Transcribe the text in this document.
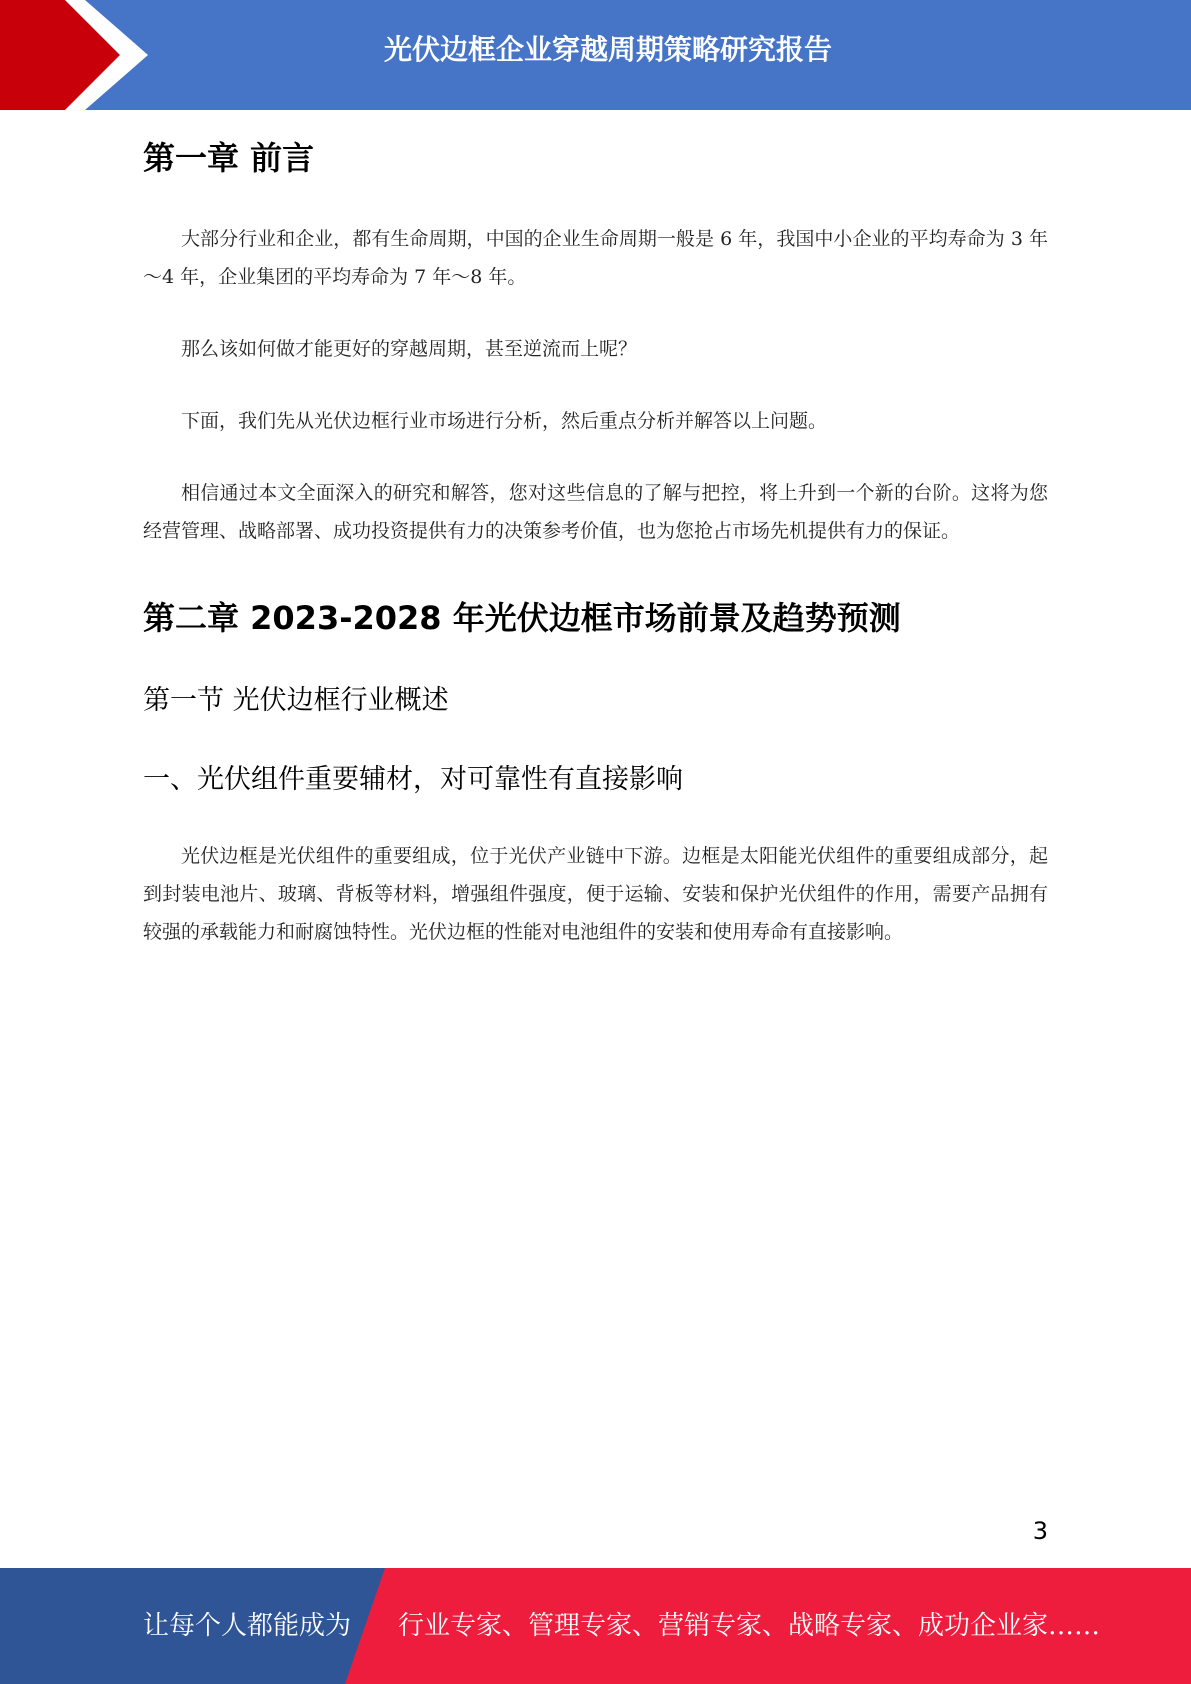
光伏边框企业穿越周期策略研究报告
第一章 前言

大部分行业和企业，都有生命周期，中国的企业生命周期一般是 6 年，我国中小企业的平均寿命为 3 年～4 年，企业集团的平均寿命为 7 年～8 年。

那么该如何做才能更好的穿越周期，甚至逆流而上呢？

下面，我们先从光伏边框行业市场进行分析，然后重点分析并解答以上问题。

相信通过本文全面深入的研究和解答，您对这些信息的了解与把控，将上升到一个新的台阶。这将为您经营管理、战略部署、成功投资提供有力的决策参考价值，也为您抢占市场先机提供有力的保证。

第二章 2023-2028 年光伏边框市场前景及趋势预测
第一节 光伏边框行业概述
一、光伏组件重要辅材，对可靠性有直接影响

光伏边框是光伏组件的重要组成，位于光伏产业链中下游。边框是太阳能光伏组件的重要组成部分，起到封装电池片、玻璃、背板等材料，增强组件强度，便于运输、安装和保护光伏组件的作用，需要产品拥有较强的承载能力和耐腐蚀特性。光伏边框的性能对电池组件的安装和使用寿命有直接影响。

3
让每个人都能成为 行业专家、管理专家、营销专家、战略专家、成功企业家……
